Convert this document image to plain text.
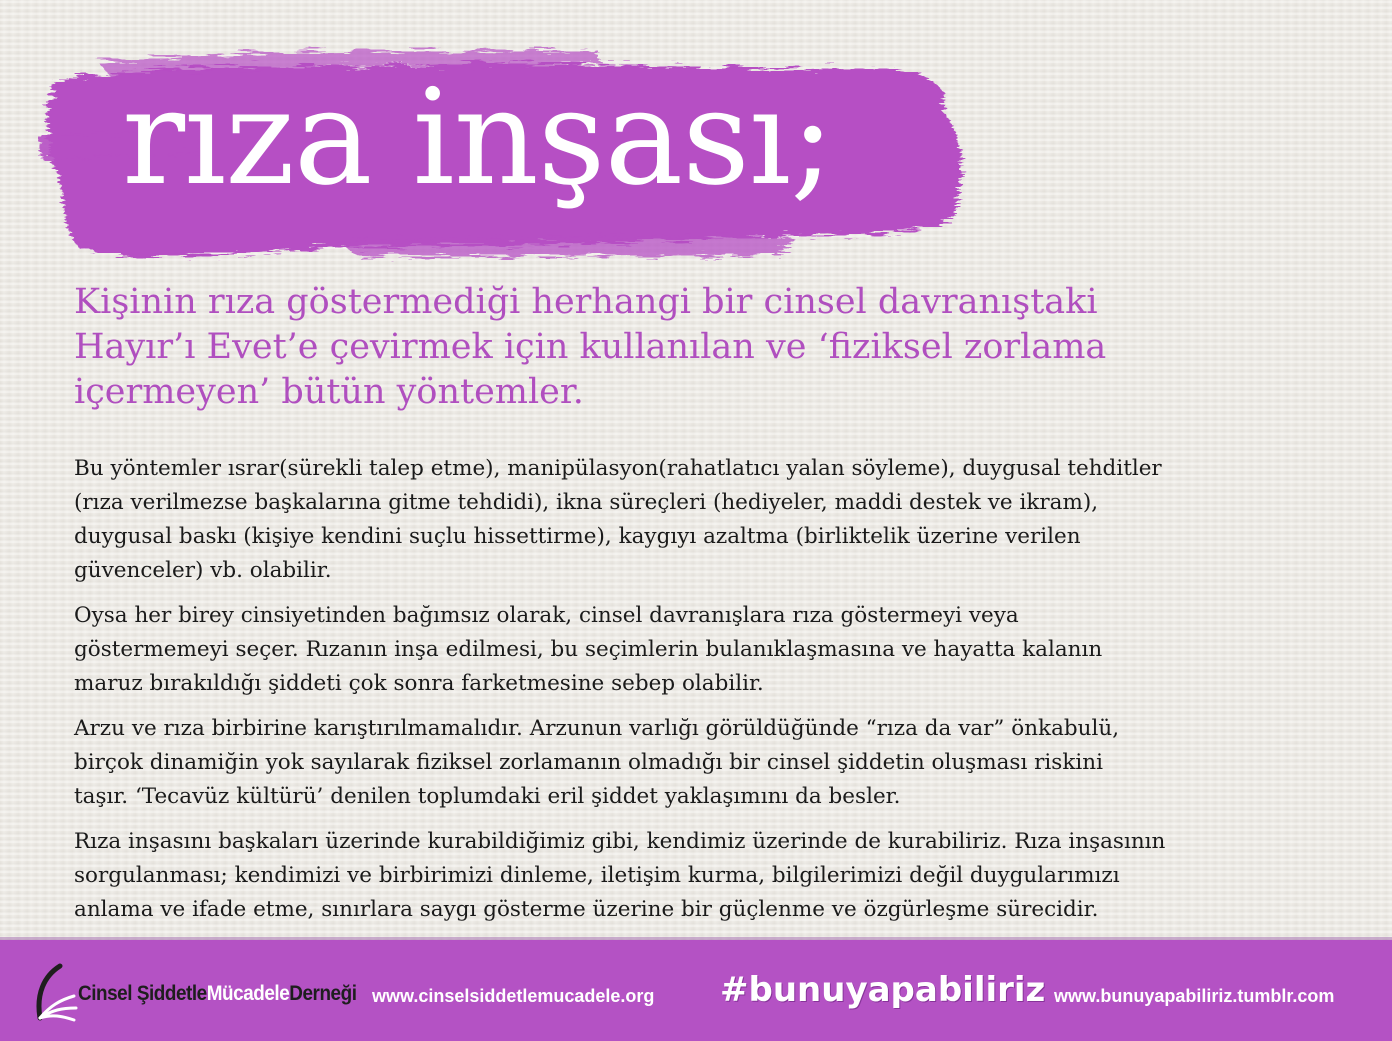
rıza inşası;
Kişinin rıza göstermediği herhangi bir cinsel davranıştaki
Hayır’ı Evet’e çevirmek için kullanılan ve ‘fiziksel zorlama
içermeyen’ bütün yöntemler.

Bu yöntemler ısrar(sürekli talep etme), manipülasyon(rahatlatıcı yalan söyleme), duygusal tehditler
(rıza verilmezse başkalarına gitme tehdidi), ikna süreçleri (hediyeler, maddi destek ve ikram),
duygusal baskı (kişiye kendini suçlu hissettirme), kaygıyı azaltma (birliktelik üzerine verilen
güvenceler) vb. olabilir.

Oysa her birey cinsiyetinden bağımsız olarak, cinsel davranışlara rıza göstermeyi veya
göstermemeyi seçer. Rızanın inşa edilmesi, bu seçimlerin bulanıklaşmasına ve hayatta kalanın
maruz bırakıldığı şiddeti çok sonra farketmesine sebep olabilir.

Arzu ve rıza birbirine karıştırılmamalıdır. Arzunun varlığı görüldüğünde “rıza da var” önkabulü,
birçok dinamiğin yok sayılarak fiziksel zorlamanın olmadığı bir cinsel şiddetin oluşması riskini
taşır. ‘Tecavüz kültürü’ denilen toplumdaki eril şiddet yaklaşımını da besler.

Rıza inşasını başkaları üzerinde kurabildiğimiz gibi, kendimiz üzerinde de kurabiliriz. Rıza inşasının
sorgulanması; kendimizi ve birbirimizi dinleme, iletişim kurma, bilgilerimizi değil duygularımızı
anlama ve ifade etme, sınırlara saygı gösterme üzerine bir güçlenme ve özgürleşme sürecidir.

Cinsel ŞiddetleMücadeleDerneği www.cinselsiddetlemucadele.org #bunuyapabiliriz www.bunuyapabiliriz.tumblr.com
